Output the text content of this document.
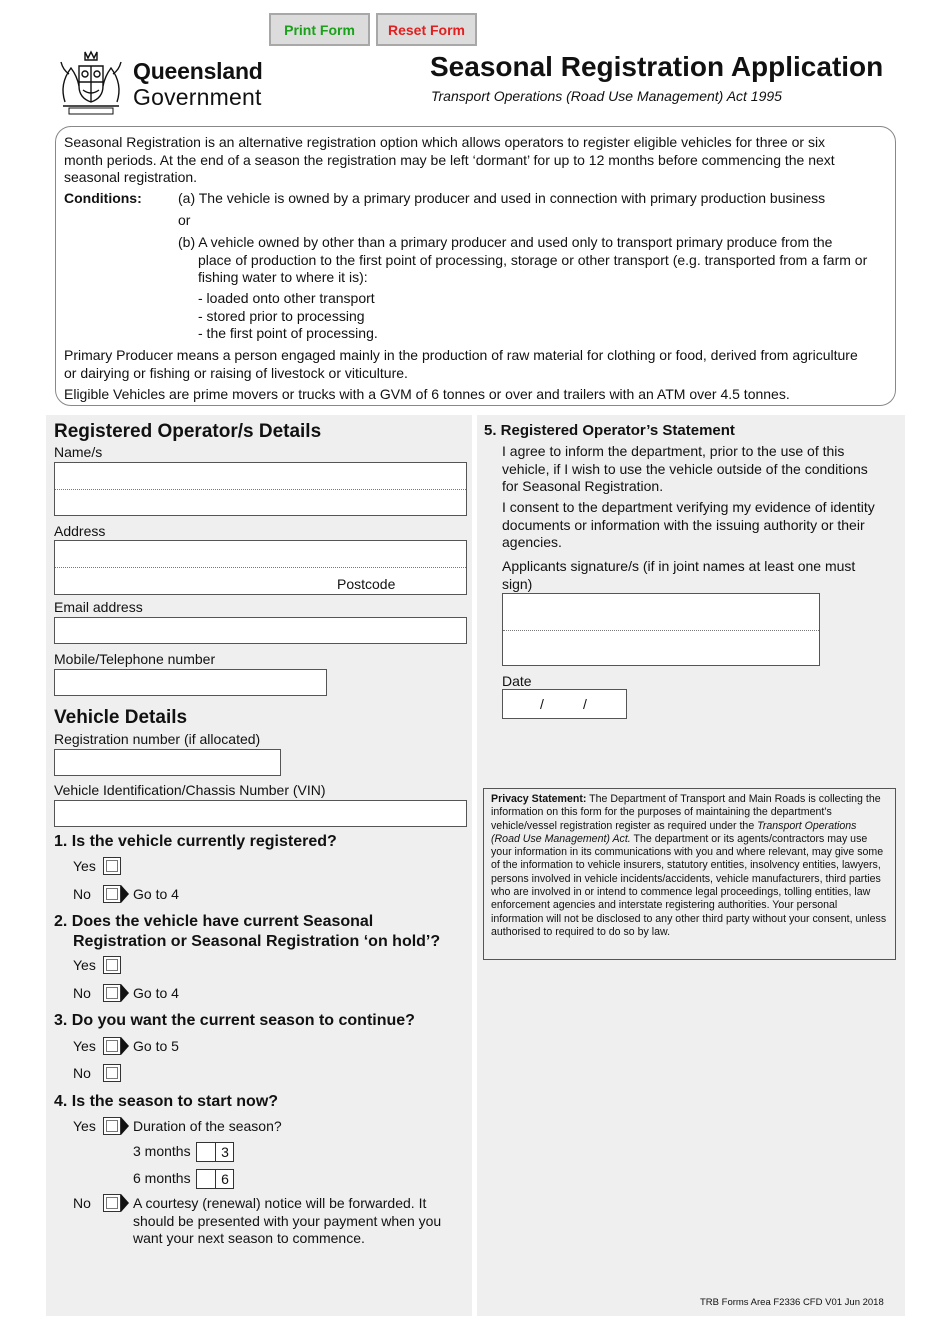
Print Form	Reset Form
Queensland
Government
Seasonal Registration Application
Transport Operations (Road Use Management) Act 1995
Seasonal Registration is an alternative registration option which allows operators to register eligible vehicles for three or six
month periods. At the end of a season the registration may be left ‘dormant’ for up to 12 months before commencing the next
seasonal registration.
Conditions:	(a) The vehicle is owned by a primary producer and used in connection with primary production business
or
(b) A vehicle owned by other than a primary producer and used only to transport primary produce from the
place of production to the first point of processing, storage or other transport (e.g. transported from a farm or
fishing water to where it is):
- loaded onto other transport
- stored prior to processing
- the first point of processing.
Primary Producer means a person engaged mainly in the production of raw material for clothing or food, derived from agriculture
or dairying or fishing or raising of livestock or viticulture.
Eligible Vehicles are prime movers or trucks with a GVM of 6 tonnes or over and trailers with an ATM over 4.5 tonnes.
Registered Operator/s Details
Name/s
Address
Postcode
Email address
Mobile/Telephone number
Vehicle Details
Registration number (if allocated)
Vehicle Identification/Chassis Number (VIN)
1. Is the vehicle currently registered?
Yes
No	Go to 4
2. Does the vehicle have current Seasonal
Registration or Seasonal Registration ‘on hold’?
Yes
No	Go to 4
3. Do you want the current season to continue?
Yes	Go to 5
No
4. Is the season to start now?
Yes	Duration of the season?
3 months	3
6 months	6
No	A courtesy (renewal) notice will be forwarded. It
should be presented with your payment when you
want your next season to commence.
5. Registered Operator’s Statement
I agree to inform the department, prior to the use of this
vehicle, if I wish to use the vehicle outside of the conditions
for Seasonal Registration.
I consent to the department verifying my evidence of identity
documents or information with the issuing authority or their
agencies.
Applicants signature/s (if in joint names at least one must
sign)
Date
/	/
Privacy Statement: The Department of Transport and Main Roads is collecting the information on this form for the purposes of maintaining the department’s vehicle/vessel registration register as required under the Transport Operations (Road Use Management) Act. The department or its agents/contractors may use your information in its communications with you and where relevant, may give some of the information to vehicle insurers, statutory entities, insolvency entities, lawyers, persons involved in vehicle incidents/accidents, vehicle manufacturers, third parties who are involved in or intend to commence legal proceedings, tolling entities, law enforcement agencies and interstate registering authorities. Your personal information will not be disclosed to any other third party without your consent, unless authorised to required to do so by law.
TRB Forms Area F2336 CFD V01 Jun 2018
